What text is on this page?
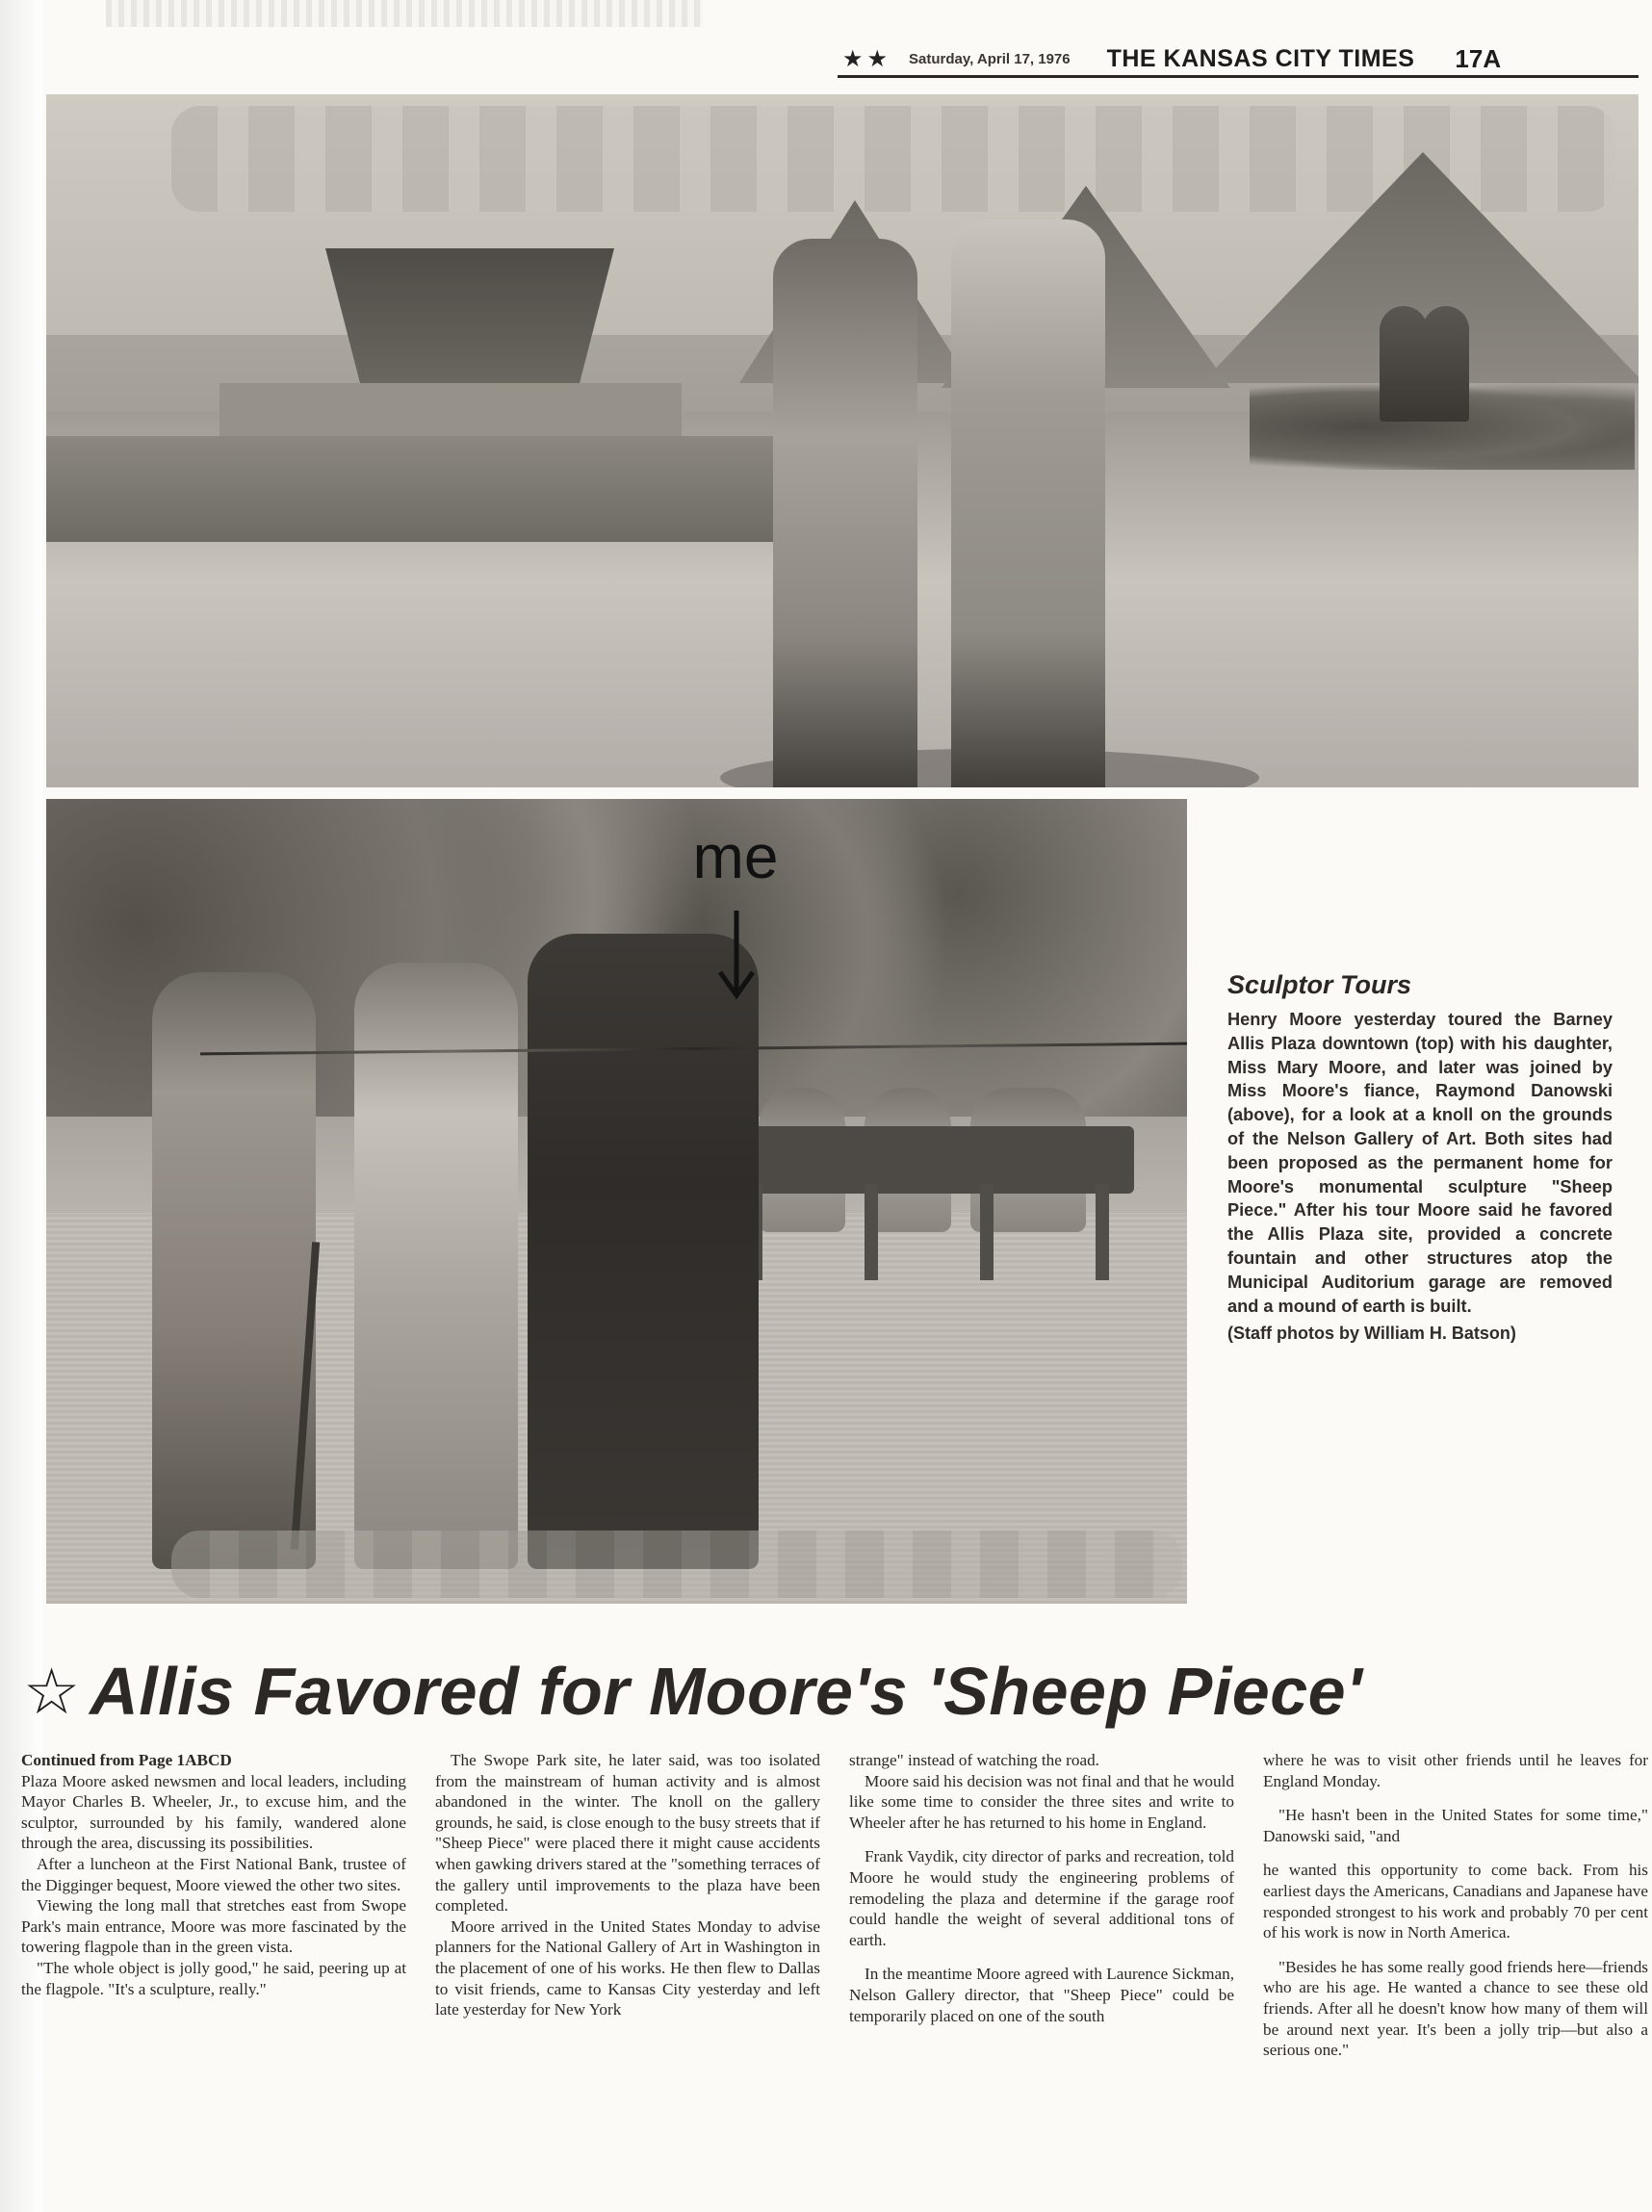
★★ Saturday, April 17, 1976 THE KANSAS CITY TIMES 17A
me
Sculptor Tours
Henry Moore yesterday toured the Barney Allis Plaza downtown (top) with his daughter, Miss Mary Moore, and later was joined by Miss Moore's fiance, Raymond Danowski (above), for a look at a knoll on the grounds of the Nelson Gallery of Art. Both sites had been proposed as the permanent home for Moore's monumental sculpture "Sheep Piece." After his tour Moore said he favored the Allis Plaza site, provided a concrete fountain and other structures atop the Municipal Auditorium garage are removed and a mound of earth is built.
(Staff photos by William H. Batson)
☆ Allis Favored for Moore's 'Sheep Piece'

Continued from Page 1ABCD

Plaza Moore asked newsmen and local leaders, including Mayor Charles B. Wheeler, Jr., to excuse him, and the sculptor, surrounded by his family, wandered alone through the area, discussing its possibilities.

After a luncheon at the First National Bank, trustee of the Digginger bequest, Moore viewed the other two sites.

Viewing the long mall that stretches east from Swope Park's main entrance, Moore was more fascinated by the towering flagpole than in the green vista.

"The whole object is jolly good," he said, peering up at the flagpole. "It's a sculpture, really."

The Swope Park site, he later said, was too isolated from the mainstream of human activity and is almost abandoned in the winter. The knoll on the gallery grounds, he said, is close enough to the busy streets that if "Sheep Piece" were placed there it might cause accidents when gawking drivers stared at the "something terraces of the gallery until improvements to the plaza have been completed.

Moore arrived in the United States Monday to advise planners for the National Gallery of Art in Washington in the placement of one of his works. He then flew to Dallas to visit friends, came to Kansas City yesterday and left late yesterday for New York

strange" instead of watching the road.

Moore said his decision was not final and that he would like some time to consider the three sites and write to Wheeler after he has returned to his home in England.

Frank Vaydik, city director of parks and recreation, told Moore he would study the engineering problems of remodeling the plaza and determine if the garage roof could handle the weight of several additional tons of earth.

In the meantime Moore agreed with Laurence Sickman, Nelson Gallery director, that "Sheep Piece" could be temporarily placed on one of the south

where he was to visit other friends until he leaves for England Monday.

"He hasn't been in the United States for some time," Danowski said, "and

he wanted this opportunity to come back. From his earliest days the Americans, Canadians and Japanese have responded strongest to his work and probably 70 per cent of his work is now in North America.

"Besides he has some really good friends here—friends who are his age. He wanted a chance to see these old friends. After all he doesn't know how many of them will be around next year. It's been a jolly trip—but also a serious one."
